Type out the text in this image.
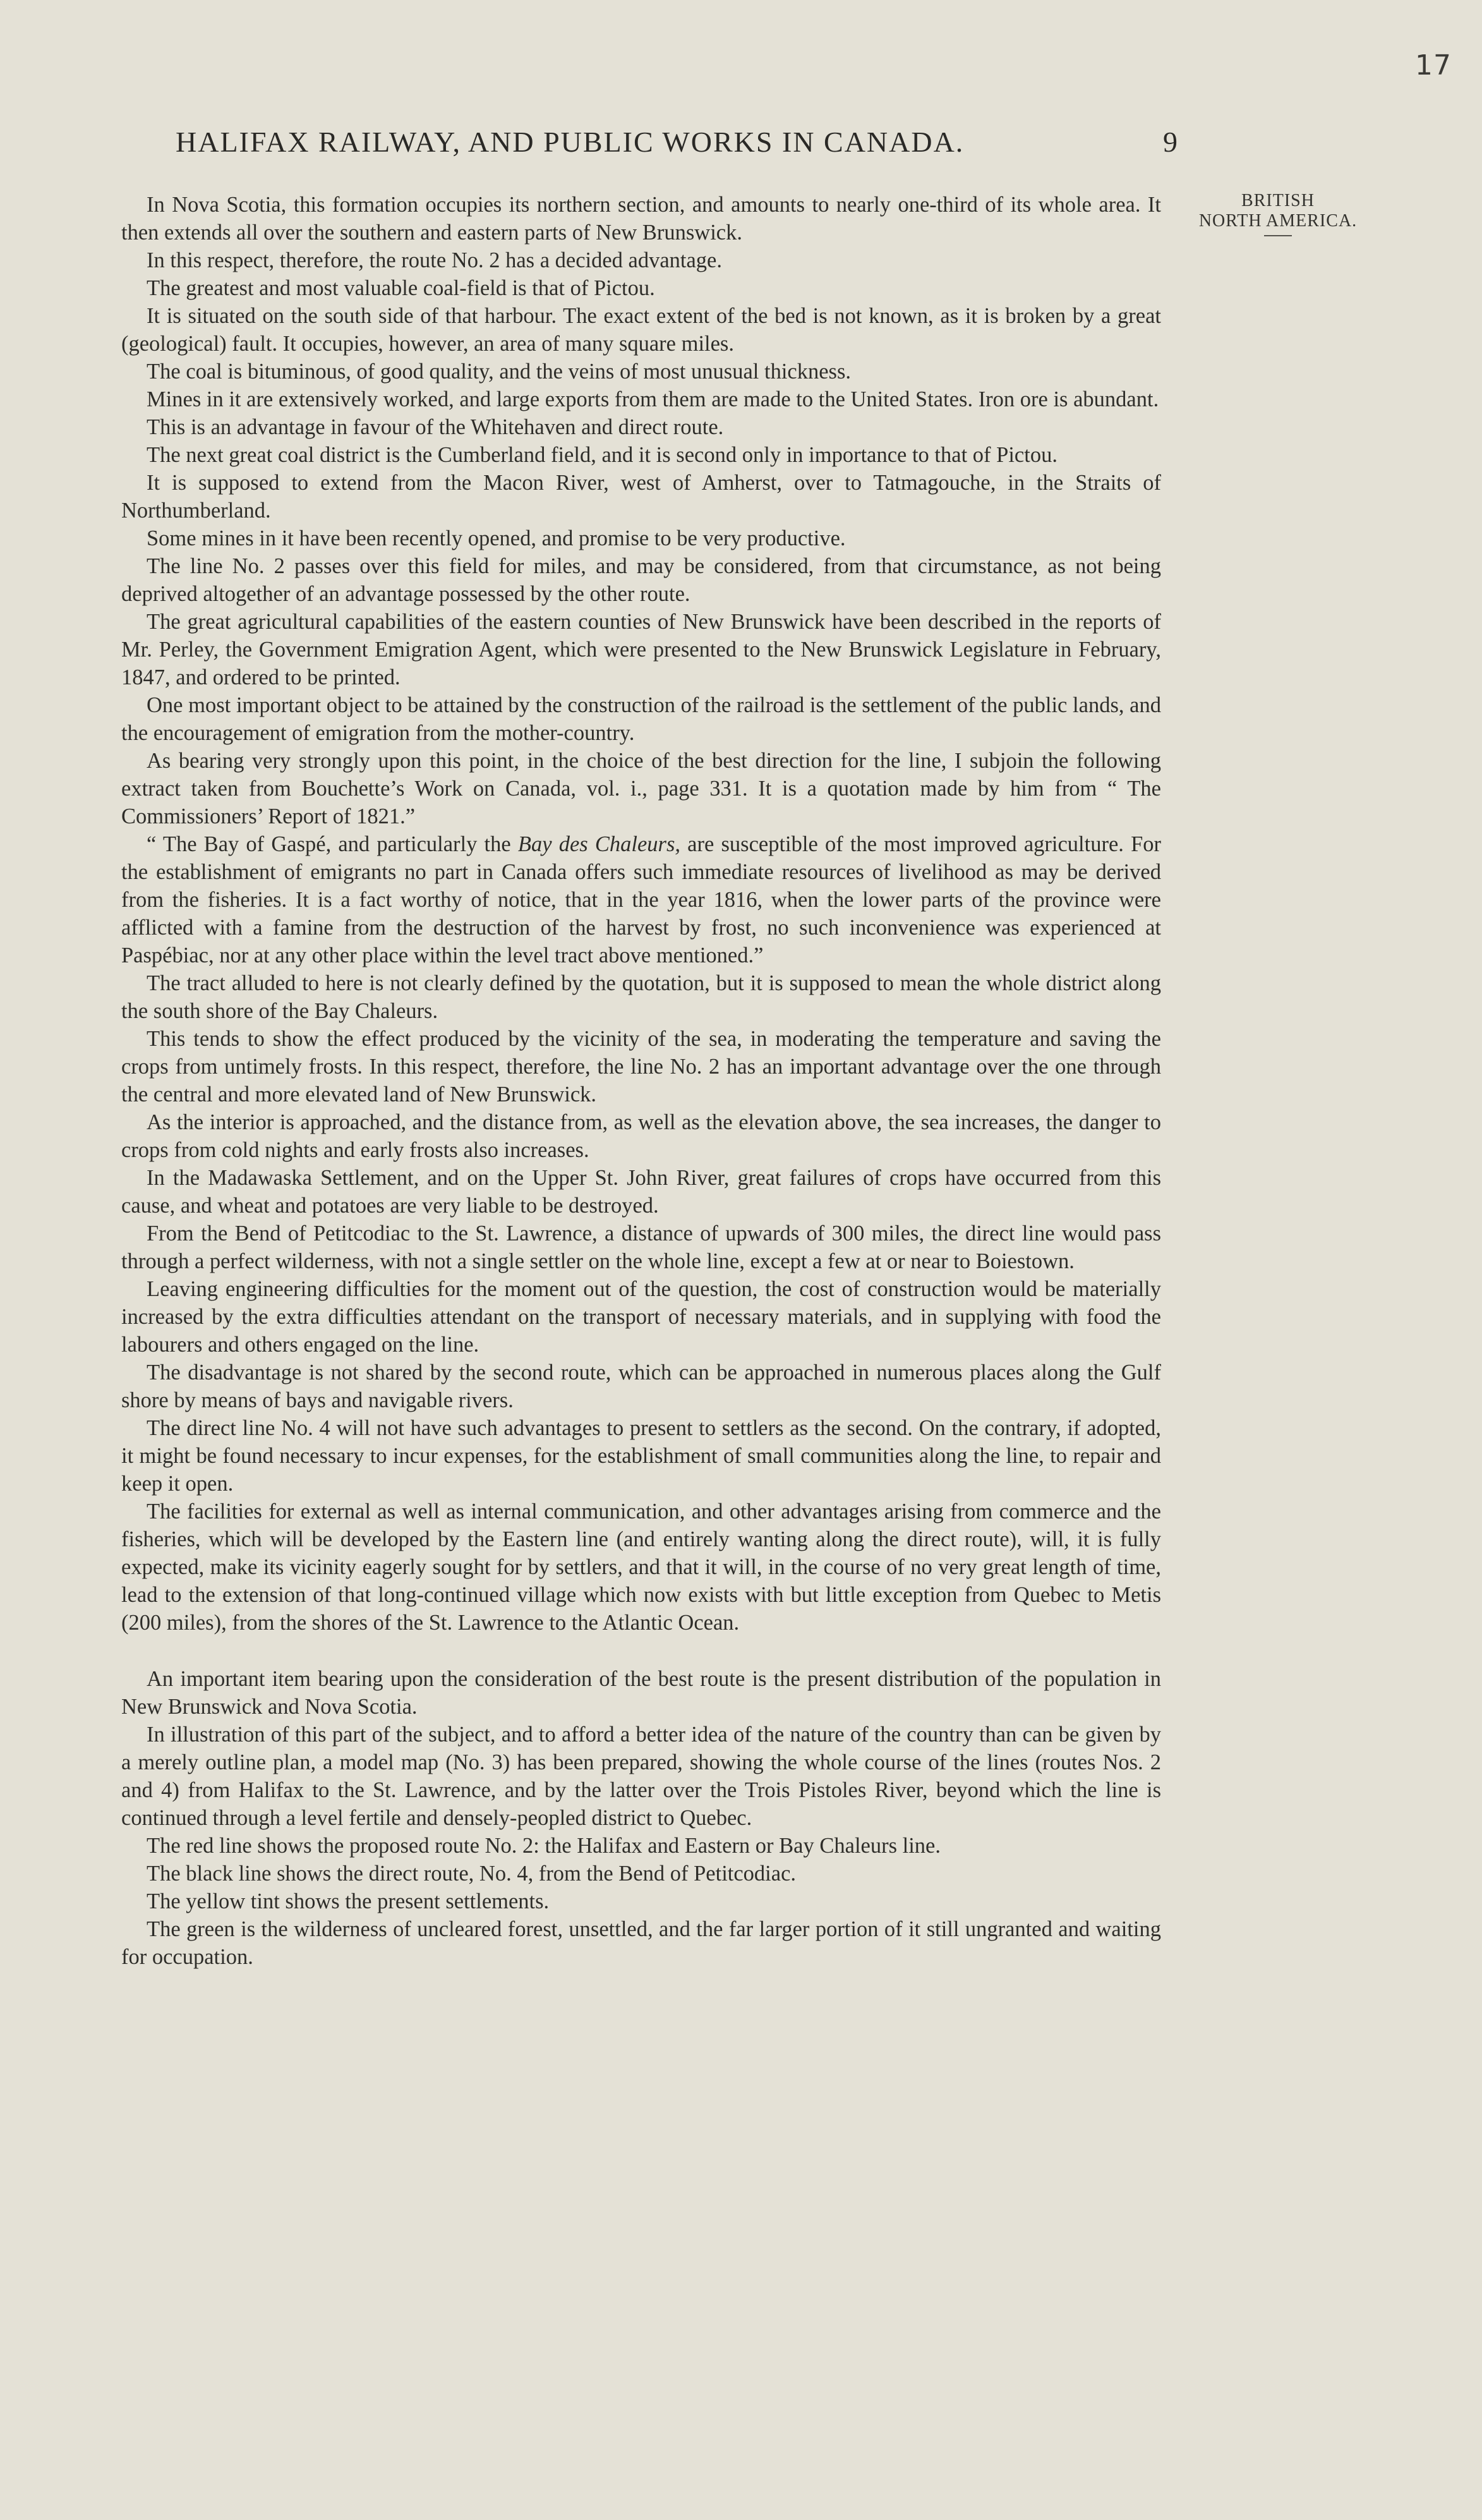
17
HALIFAX RAILWAY, AND PUBLIC WORKS IN CANADA.	9
BRITISH
NORTH AMERICA.

In Nova Scotia, this formation occupies its northern section, and amounts to nearly one-third of its whole area. It then extends all over the southern and eastern parts of New Brunswick.

In this respect, therefore, the route No. 2 has a decided advantage.

The greatest and most valuable coal-field is that of Pictou.

It is situated on the south side of that harbour. The exact extent of the bed is not known, as it is broken by a great (geological) fault. It occupies, however, an area of many square miles.

The coal is bituminous, of good quality, and the veins of most unusual thickness.

Mines in it are extensively worked, and large exports from them are made to the United States. Iron ore is abundant.

This is an advantage in favour of the Whitehaven and direct route.

The next great coal district is the Cumberland field, and it is second only in importance to that of Pictou.

It is supposed to extend from the Macon River, west of Amherst, over to Tatmagouche, in the Straits of Northumberland.

Some mines in it have been recently opened, and promise to be very productive.

The line No. 2 passes over this field for miles, and may be considered, from that circumstance, as not being deprived altogether of an advantage possessed by the other route.

The great agricultural capabilities of the eastern counties of New Brunswick have been described in the reports of Mr. Perley, the Government Emigration Agent, which were presented to the New Brunswick Legislature in February, 1847, and ordered to be printed.

One most important object to be attained by the construction of the railroad is the settlement of the public lands, and the encouragement of emigration from the mother-country.

As bearing very strongly upon this point, in the choice of the best direction for the line, I subjoin the following extract taken from Bouchette’s Work on Canada, vol. i., page 331. It is a quotation made by him from “ The Commissioners’ Report of 1821.”

“ The Bay of Gaspé, and particularly the Bay des Chaleurs, are susceptible of the most improved agriculture. For the establishment of emigrants no part in Canada offers such immediate resources of livelihood as may be derived from the fisheries. It is a fact worthy of notice, that in the year 1816, when the lower parts of the province were afflicted with a famine from the destruction of the harvest by frost, no such inconvenience was experienced at Paspébiac, nor at any other place within the level tract above mentioned.”

The tract alluded to here is not clearly defined by the quotation, but it is supposed to mean the whole district along the south shore of the Bay Chaleurs.

This tends to show the effect produced by the vicinity of the sea, in moderating the temperature and saving the crops from untimely frosts. In this respect, therefore, the line No. 2 has an important advantage over the one through the central and more elevated land of New Brunswick.

As the interior is approached, and the distance from, as well as the elevation above, the sea increases, the danger to crops from cold nights and early frosts also increases.

In the Madawaska Settlement, and on the Upper St. John River, great failures of crops have occurred from this cause, and wheat and potatoes are very liable to be destroyed.

From the Bend of Petitcodiac to the St. Lawrence, a distance of upwards of 300 miles, the direct line would pass through a perfect wilderness, with not a single settler on the whole line, except a few at or near to Boiestown.

Leaving engineering difficulties for the moment out of the question, the cost of construction would be materially increased by the extra difficulties attendant on the transport of necessary materials, and in supplying with food the labourers and others engaged on the line.

The disadvantage is not shared by the second route, which can be approached in numerous places along the Gulf shore by means of bays and navigable rivers.

The direct line No. 4 will not have such advantages to present to settlers as the second. On the contrary, if adopted, it might be found necessary to incur expenses, for the establishment of small communities along the line, to repair and keep it open.

The facilities for external as well as internal communication, and other advantages arising from commerce and the fisheries, which will be developed by the Eastern line (and entirely wanting along the direct route), will, it is fully expected, make its vicinity eagerly sought for by settlers, and that it will, in the course of no very great length of time, lead to the extension of that long-continued village which now exists with but little exception from Quebec to Metis (200 miles), from the shores of the St. Lawrence to the Atlantic Ocean.

An important item bearing upon the consideration of the best route is the present distribution of the population in New Brunswick and Nova Scotia.

In illustration of this part of the subject, and to afford a better idea of the nature of the country than can be given by a merely outline plan, a model map (No. 3) has been prepared, showing the whole course of the lines (routes Nos. 2 and 4) from Halifax to the St. Lawrence, and by the latter over the Trois Pistoles River, beyond which the line is continued through a level fertile and densely-peopled district to Quebec.

The red line shows the proposed route No. 2: the Halifax and Eastern or Bay Chaleurs line.

The black line shows the direct route, No. 4, from the Bend of Petitcodiac.

The yellow tint shows the present settlements.

The green is the wilderness of uncleared forest, unsettled, and the far larger portion of it still ungranted and waiting for occupation.
